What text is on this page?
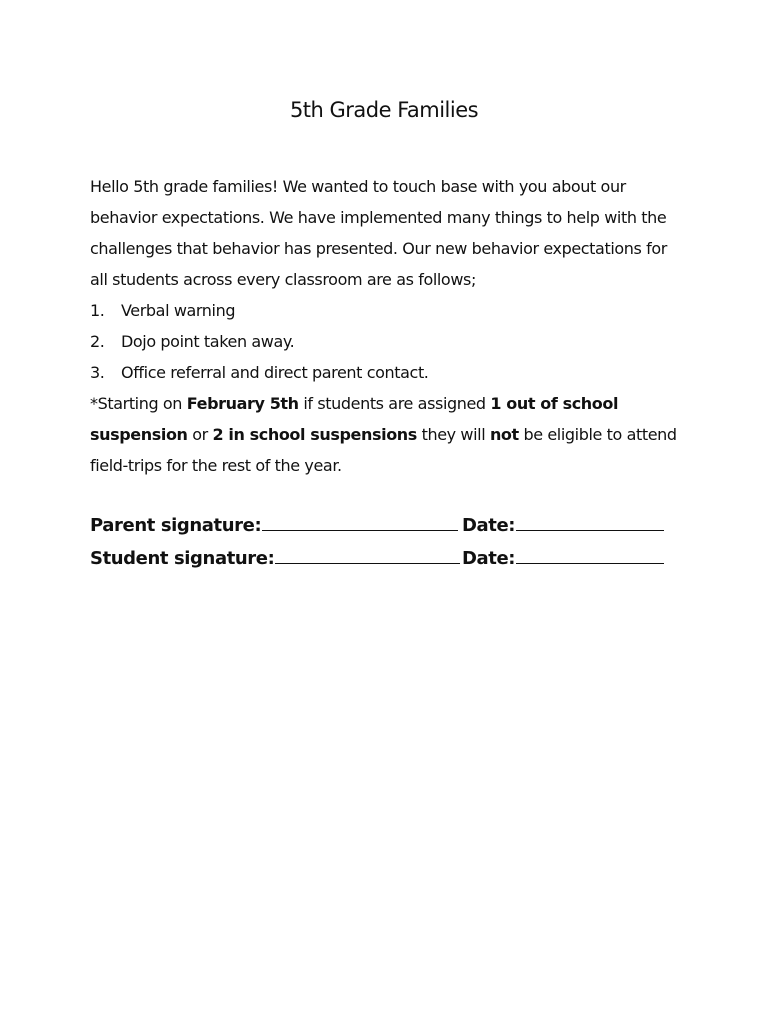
5th Grade Families

Hello 5th grade families! We wanted to touch base with you about our behavior expectations. We have implemented many things to help with the challenges that behavior has presented. Our new behavior expectations for all students across every classroom are as follows;

1.	Verbal warning
2.	Dojo point taken away.
3.	Office referral and direct parent contact.

*Starting on February 5th if students are assigned 1 out of school suspension or 2 in school suspensions they will not be eligible to attend field-trips for the rest of the year.

Parent signature:	Date:
Student signature:	Date:
